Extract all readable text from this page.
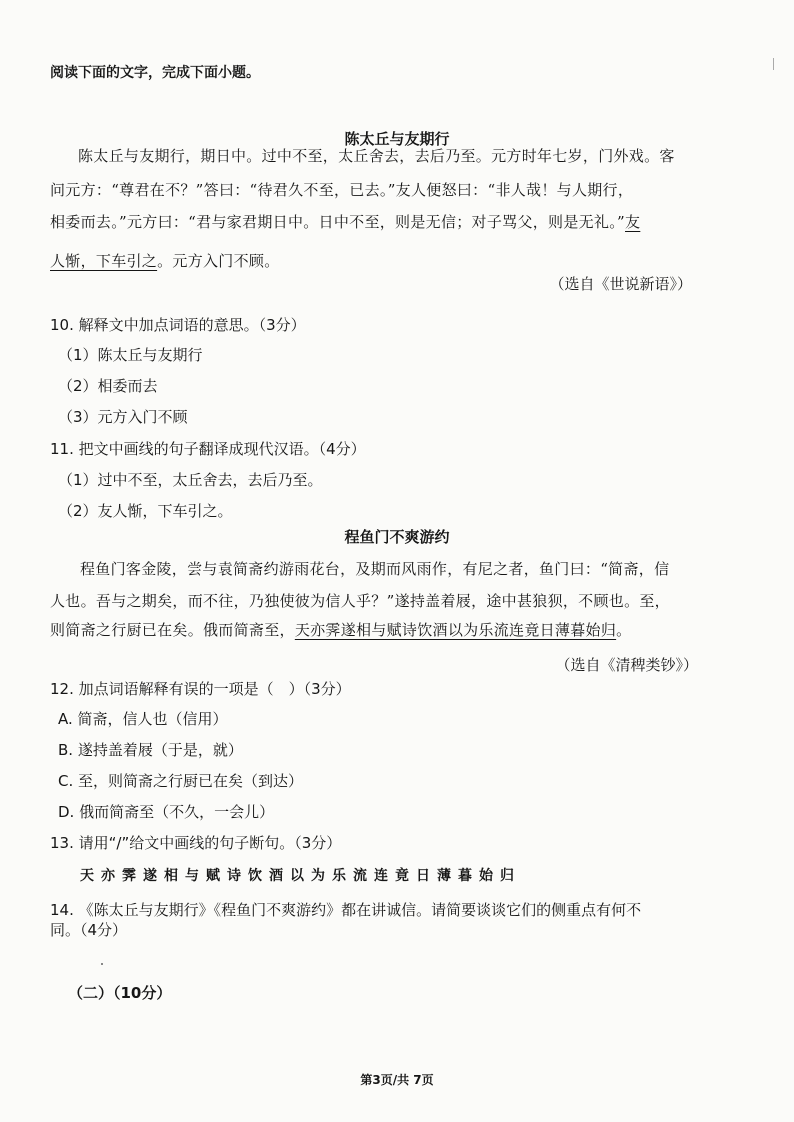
阅读下面的文字，完成下面小题。
陈太丘与友期行
陈太丘与友期行，期日中。过中不至，太丘舍去，去后乃至。元方时年七岁，门外戏。客
问元方：“尊君在不？”答曰：“待君久不至，已去。”友人便怒曰：“非人哉！与人期行，
相委而去。”元方曰：“君与家君期日中。日中不至，则是无信；对子骂父，则是无礼。”友
人惭，下车引之。元方入门不顾。
（选自《世说新语》）
10. 解释文中加点词语的意思。（3分）
（1）陈太丘与友期行
（2）相委而去
（3）元方入门不顾
11. 把文中画线的句子翻译成现代汉语。（4分）
（1）过中不至，太丘舍去，去后乃至。
（2）友人惭，下车引之。
程鱼门不爽游约
程鱼门客金陵，尝与袁简斋约游雨花台，及期而风雨作，有尼之者，鱼门曰：“简斋，信
人也。吾与之期矣，而不往，乃独使彼为信人乎？”遂持盖着屐，途中甚狼狈，不顾也。至，
则简斋之行厨已在矣。俄而简斋至，天亦霁遂相与赋诗饮酒以为乐流连竟日薄暮始归。
（选自《清稗类钞》）
12. 加点词语解释有误的一项是（　）（3分）
A. 简斋，信人也（信用）
B. 遂持盖着屐（于是，就）
C. 至，则简斋之行厨已在矣（到达）
D. 俄而简斋至（不久，一会儿）
13. 请用“/”给文中画线的句子断句。（3分）
天亦霁遂相与赋诗饮酒以为乐流连竟日薄暮始归
14. 《陈太丘与友期行》《程鱼门不爽游约》都在讲诚信。请简要谈谈它们的侧重点有何不
同。（4分）
（二）（10分）
第3页/共 7页
